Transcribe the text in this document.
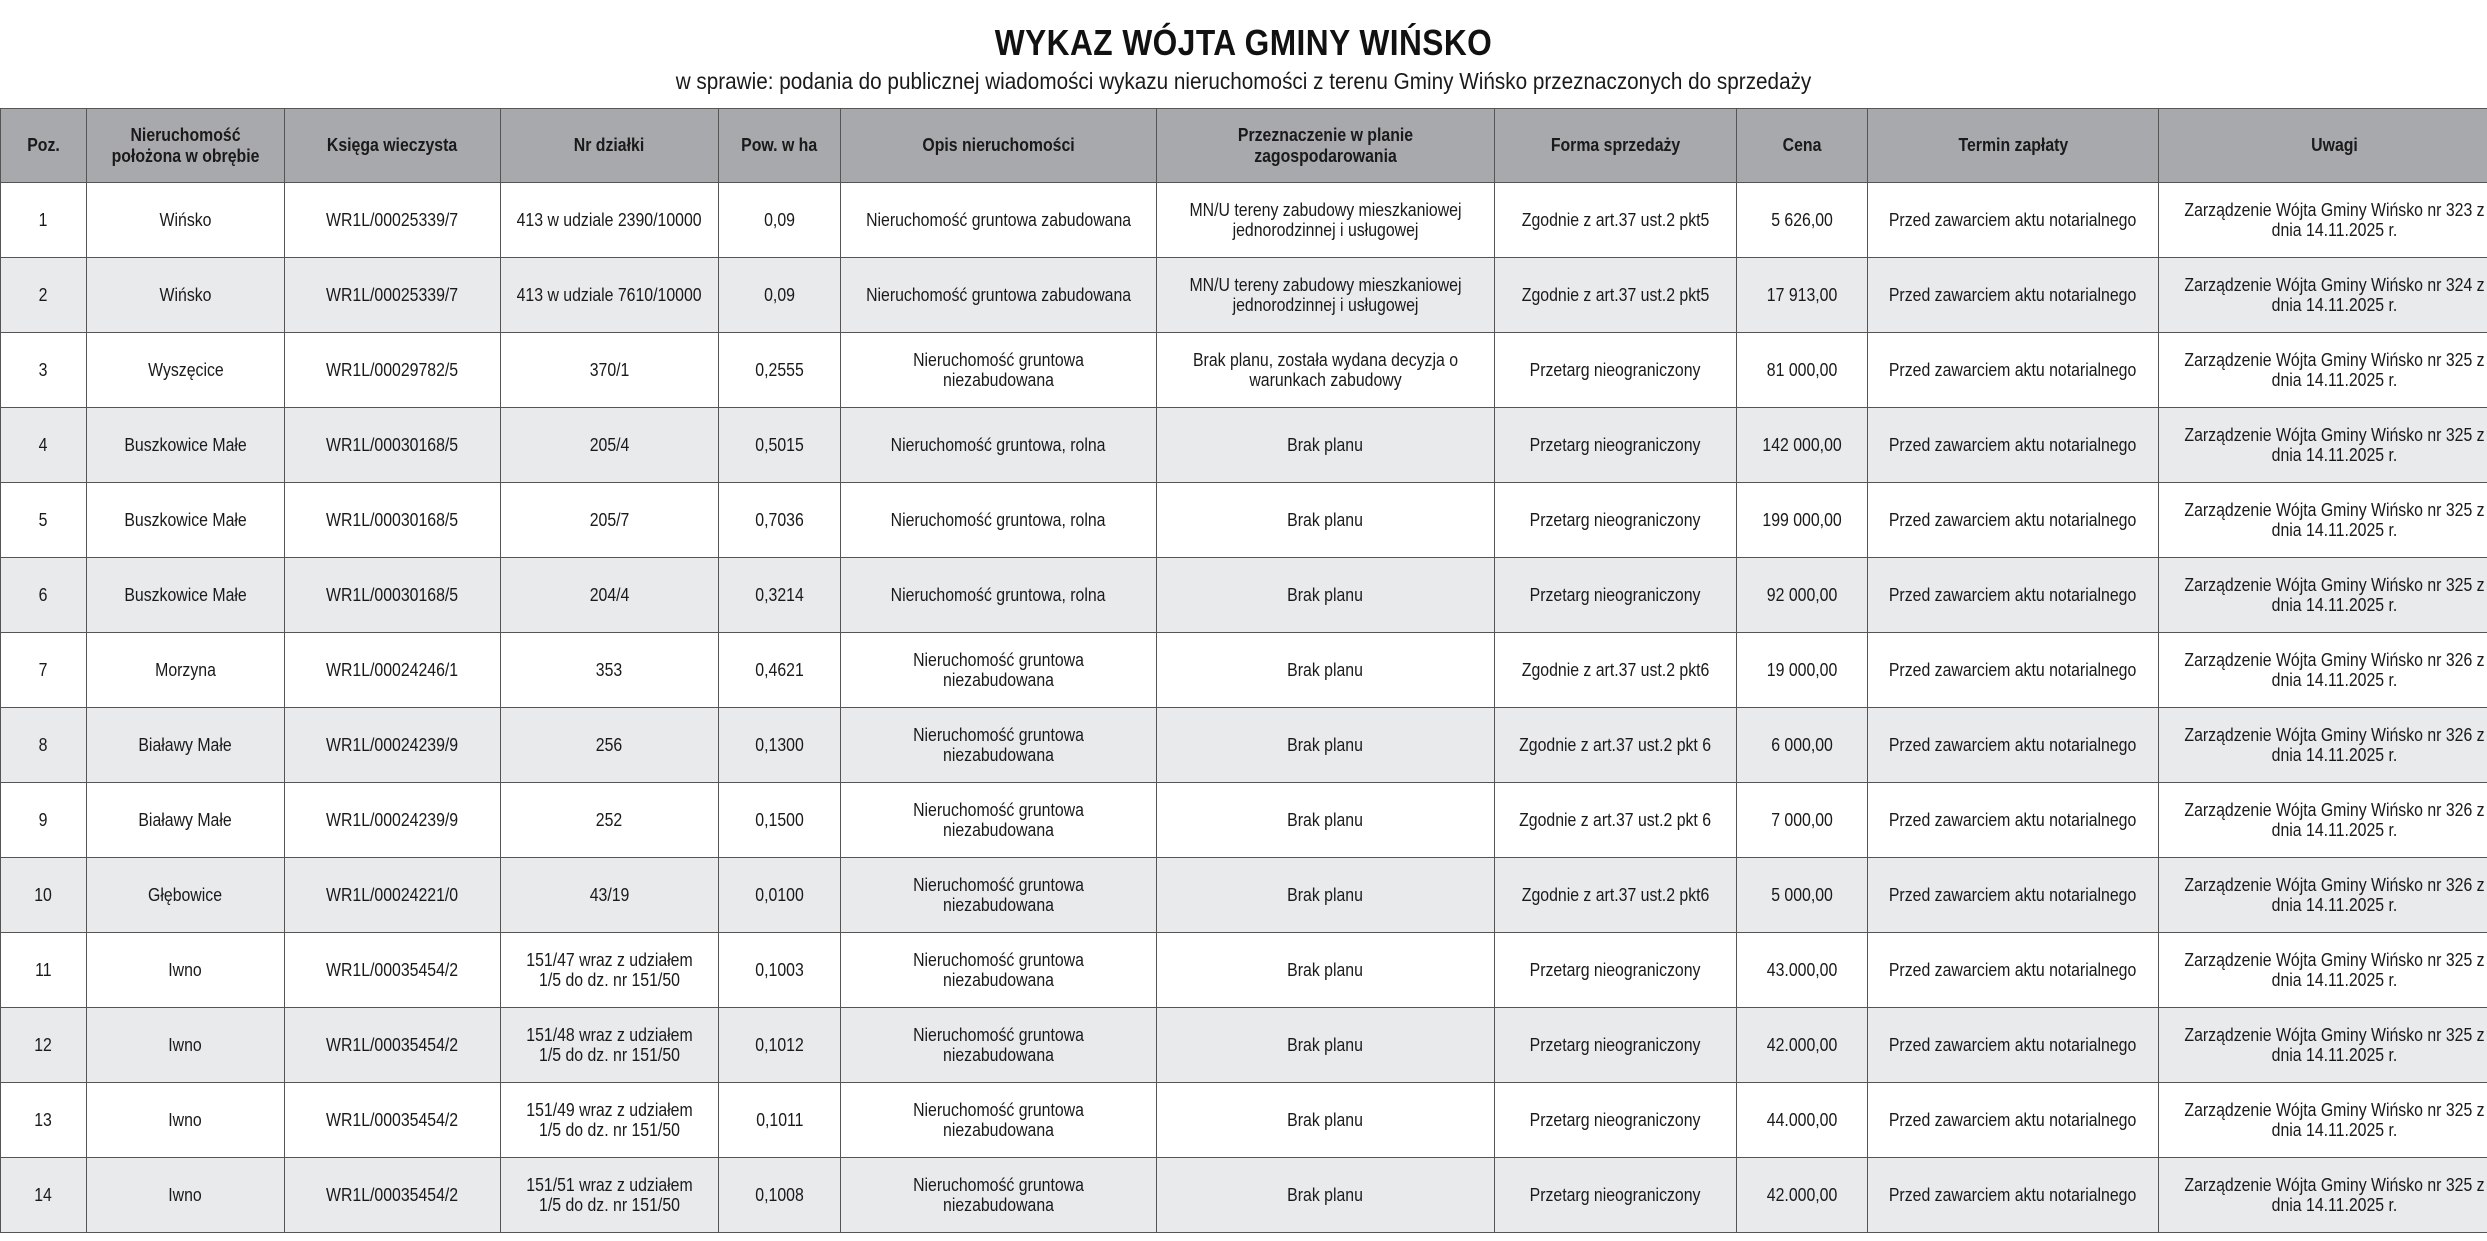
WYKAZ WÓJTA GMINY WIŃSKO
w sprawie: podania do publicznej wiadomości wykazu nieruchomości z terenu Gminy Wińsko przeznaczonych do sprzedaży
Poz.	Nieruchomość położona w obrębie	Księga wieczysta	Nr działki	Pow. w ha	Opis nieruchomości	Przeznaczenie w planie zagospodarowania	Forma sprzedaży	Cena	Termin zapłaty	Uwagi
1	Wińsko	WR1L/00025339/7	413 w udziale 2390/10000	0,09	Nieruchomość gruntowa zabudowana	MN/U tereny zabudowy mieszkaniowej jednorodzinnej i usługowej	Zgodnie z art.37 ust.2 pkt5	5 626,00	Przed zawarciem aktu notarialnego	Zarządzenie Wójta Gminy Wińsko nr 323 z dnia 14.11.2025 r.
2	Wińsko	WR1L/00025339/7	413 w udziale 7610/10000	0,09	Nieruchomość gruntowa zabudowana	MN/U tereny zabudowy mieszkaniowej jednorodzinnej i usługowej	Zgodnie z art.37 ust.2 pkt5	17 913,00	Przed zawarciem aktu notarialnego	Zarządzenie Wójta Gminy Wińsko nr 324 z dnia 14.11.2025 r.
3	Wyszęcice	WR1L/00029782/5	370/1	0,2555	Nieruchomość gruntowa niezabudowana	Brak planu, została wydana decyzja o warunkach zabudowy	Przetarg nieograniczony	81 000,00	Przed zawarciem aktu notarialnego	Zarządzenie Wójta Gminy Wińsko nr 325 z dnia 14.11.2025 r.
4	Buszkowice Małe	WR1L/00030168/5	205/4	0,5015	Nieruchomość gruntowa, rolna	Brak planu	Przetarg nieograniczony	142 000,00	Przed zawarciem aktu notarialnego	Zarządzenie Wójta Gminy Wińsko nr 325 z dnia 14.11.2025 r.
5	Buszkowice Małe	WR1L/00030168/5	205/7	0,7036	Nieruchomość gruntowa, rolna	Brak planu	Przetarg nieograniczony	199 000,00	Przed zawarciem aktu notarialnego	Zarządzenie Wójta Gminy Wińsko nr 325 z dnia 14.11.2025 r.
6	Buszkowice Małe	WR1L/00030168/5	204/4	0,3214	Nieruchomość gruntowa, rolna	Brak planu	Przetarg nieograniczony	92 000,00	Przed zawarciem aktu notarialnego	Zarządzenie Wójta Gminy Wińsko nr 325 z dnia 14.11.2025 r.
7	Morzyna	WR1L/00024246/1	353	0,4621	Nieruchomość gruntowa niezabudowana	Brak planu	Zgodnie z art.37 ust.2 pkt6	19 000,00	Przed zawarciem aktu notarialnego	Zarządzenie Wójta Gminy Wińsko nr 326 z dnia 14.11.2025 r.
8	Białawy Małe	WR1L/00024239/9	256	0,1300	Nieruchomość gruntowa niezabudowana	Brak planu	Zgodnie z art.37 ust.2 pkt 6	6 000,00	Przed zawarciem aktu notarialnego	Zarządzenie Wójta Gminy Wińsko nr 326 z dnia 14.11.2025 r.
9	Białawy Małe	WR1L/00024239/9	252	0,1500	Nieruchomość gruntowa niezabudowana	Brak planu	Zgodnie z art.37 ust.2 pkt 6	7 000,00	Przed zawarciem aktu notarialnego	Zarządzenie Wójta Gminy Wińsko nr 326 z dnia 14.11.2025 r.
10	Głębowice	WR1L/00024221/0	43/19	0,0100	Nieruchomość gruntowa niezabudowana	Brak planu	Zgodnie z art.37 ust.2 pkt6	5 000,00	Przed zawarciem aktu notarialnego	Zarządzenie Wójta Gminy Wińsko nr 326 z dnia 14.11.2025 r.
11	Iwno	WR1L/00035454/2	151/47 wraz z udziałem 1/5 do dz. nr 151/50	0,1003	Nieruchomość gruntowa niezabudowana	Brak planu	Przetarg nieograniczony	43.000,00	Przed zawarciem aktu notarialnego	Zarządzenie Wójta Gminy Wińsko nr 325 z dnia 14.11.2025 r.
12	Iwno	WR1L/00035454/2	151/48 wraz z udziałem 1/5 do dz. nr 151/50	0,1012	Nieruchomość gruntowa niezabudowana	Brak planu	Przetarg nieograniczony	42.000,00	Przed zawarciem aktu notarialnego	Zarządzenie Wójta Gminy Wińsko nr 325 z dnia 14.11.2025 r.
13	Iwno	WR1L/00035454/2	151/49 wraz z udziałem 1/5 do dz. nr 151/50	0,1011	Nieruchomość gruntowa niezabudowana	Brak planu	Przetarg nieograniczony	44.000,00	Przed zawarciem aktu notarialnego	Zarządzenie Wójta Gminy Wińsko nr 325 z dnia 14.11.2025 r.
14	Iwno	WR1L/00035454/2	151/51 wraz z udziałem 1/5 do dz. nr 151/50	0,1008	Nieruchomość gruntowa niezabudowana	Brak planu	Przetarg nieograniczony	42.000,00	Przed zawarciem aktu notarialnego	Zarządzenie Wójta Gminy Wińsko nr 325 z dnia 14.11.2025 r.
